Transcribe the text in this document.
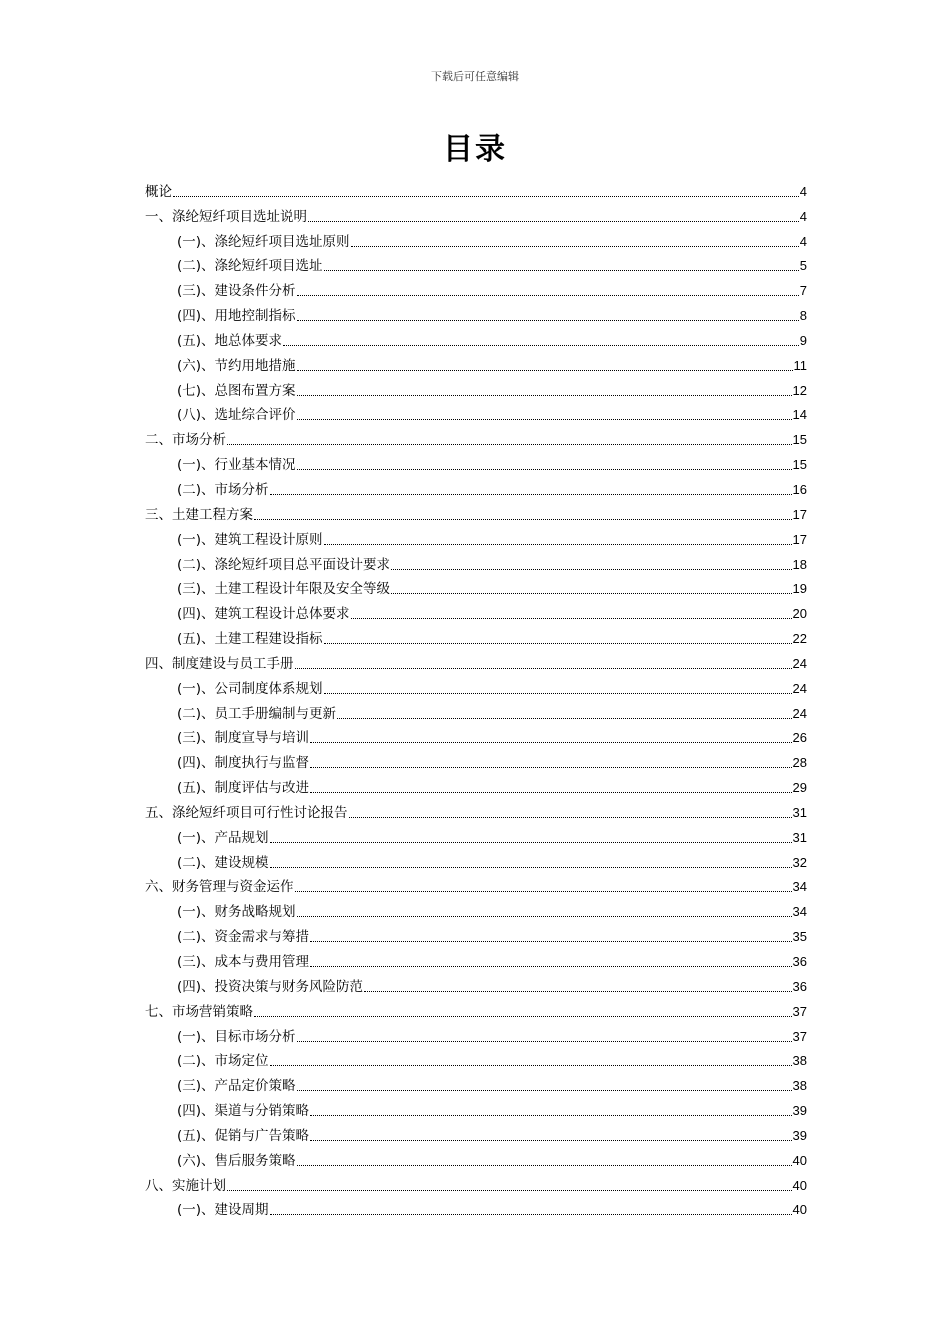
下载后可任意编辑
目录
概论	4
一、涤纶短纤项目选址说明	4
(一)、涤纶短纤项目选址原则	4
(二)、涤纶短纤项目选址	5
(三)、建设条件分析	7
(四)、用地控制指标	8
(五)、地总体要求	9
(六)、节约用地措施	11
(七)、总图布置方案	12
(八)、选址综合评价	14
二、市场分析	15
(一)、行业基本情况	15
(二)、市场分析	16
三、土建工程方案	17
(一)、建筑工程设计原则	17
(二)、涤纶短纤项目总平面设计要求	18
(三)、土建工程设计年限及安全等级	19
(四)、建筑工程设计总体要求	20
(五)、土建工程建设指标	22
四、制度建设与员工手册	24
(一)、公司制度体系规划	24
(二)、员工手册编制与更新	24
(三)、制度宣导与培训	26
(四)、制度执行与监督	28
(五)、制度评估与改进	29
五、涤纶短纤项目可行性讨论报告	31
(一)、产品规划	31
(二)、建设规模	32
六、财务管理与资金运作	34
(一)、财务战略规划	34
(二)、资金需求与筹措	35
(三)、成本与费用管理	36
(四)、投资决策与财务风险防范	36
七、市场营销策略	37
(一)、目标市场分析	37
(二)、市场定位	38
(三)、产品定价策略	38
(四)、渠道与分销策略	39
(五)、促销与广告策略	39
(六)、售后服务策略	40
八、实施计划	40
(一)、建设周期	40
